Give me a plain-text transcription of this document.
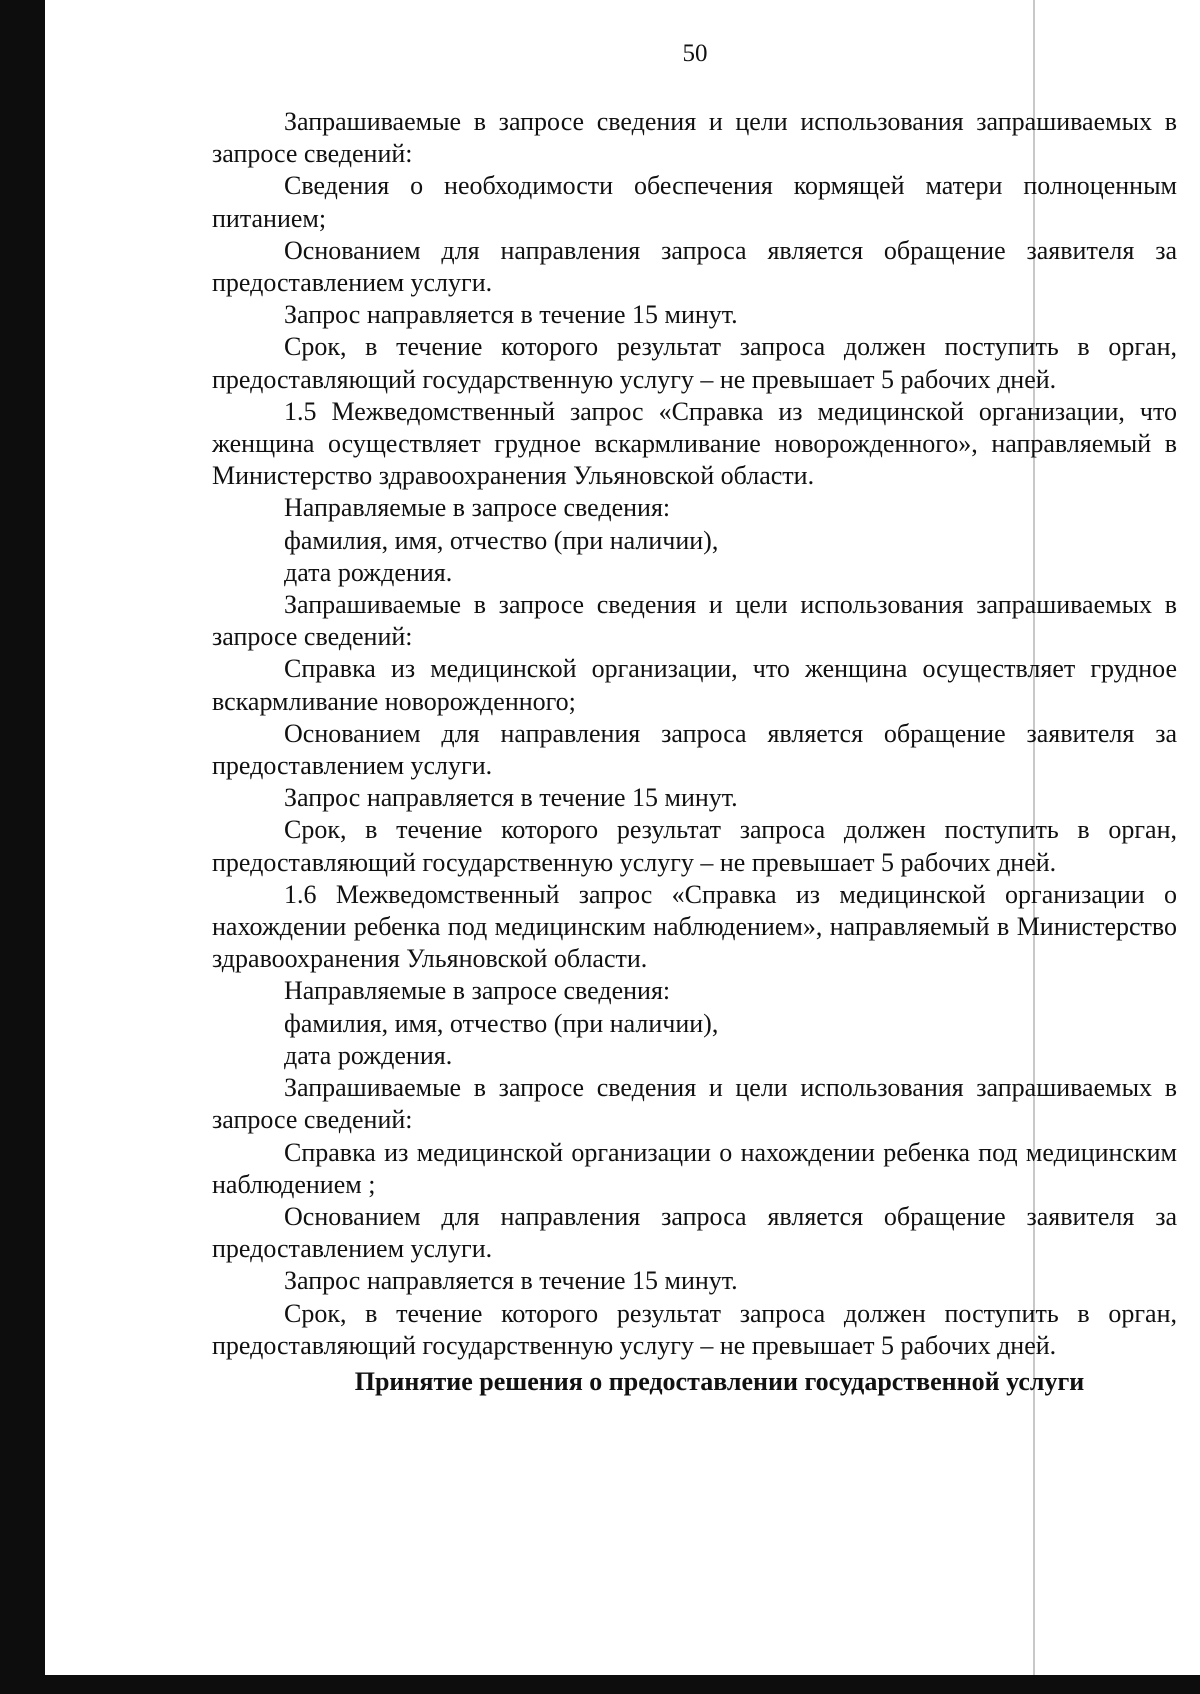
50

Запрашиваемые в запросе сведения и цели использования запрашиваемых в запросе сведений:

Сведения о необходимости обеспечения кормящей матери полноценным питанием;

Основанием для направления запроса является обращение заявителя за предоставлением услуги.

Запрос направляется в течение 15 минут.

Срок, в течение которого результат запроса должен поступить в орган, предоставляющий государственную услугу – не превышает 5 рабочих дней.

1.5 Межведомственный запрос «Справка из медицинской организации, что женщина осуществляет грудное вскармливание новорожденного», направляемый в Министерство здравоохранения Ульяновской области.

Направляемые в запросе сведения:

фамилия, имя, отчество (при наличии),

дата рождения.

Запрашиваемые в запросе сведения и цели использования запрашиваемых в запросе сведений:

Справка из медицинской организации, что женщина осуществляет грудное вскармливание новорожденного;

Основанием для направления запроса является обращение заявителя за предоставлением услуги.

Запрос направляется в течение 15 минут.

Срок, в течение которого результат запроса должен поступить в орган, предоставляющий государственную услугу – не превышает 5 рабочих дней.

1.6 Межведомственный запрос «Справка из медицинской организации о нахождении ребенка под медицинским наблюдением», направляемый в Министерство здравоохранения Ульяновской области.

Направляемые в запросе сведения:

фамилия, имя, отчество (при наличии),

дата рождения.

Запрашиваемые в запросе сведения и цели использования запрашиваемых в запросе сведений:

Справка из медицинской организации о нахождении ребенка под медицинским наблюдением ;

Основанием для направления запроса является обращение заявителя за предоставлением услуги.

Запрос направляется в течение 15 минут.

Срок, в течение которого результат запроса должен поступить в орган, предоставляющий государственную услугу – не превышает 5 рабочих дней.

Принятие решения о предоставлении государственной услуги
